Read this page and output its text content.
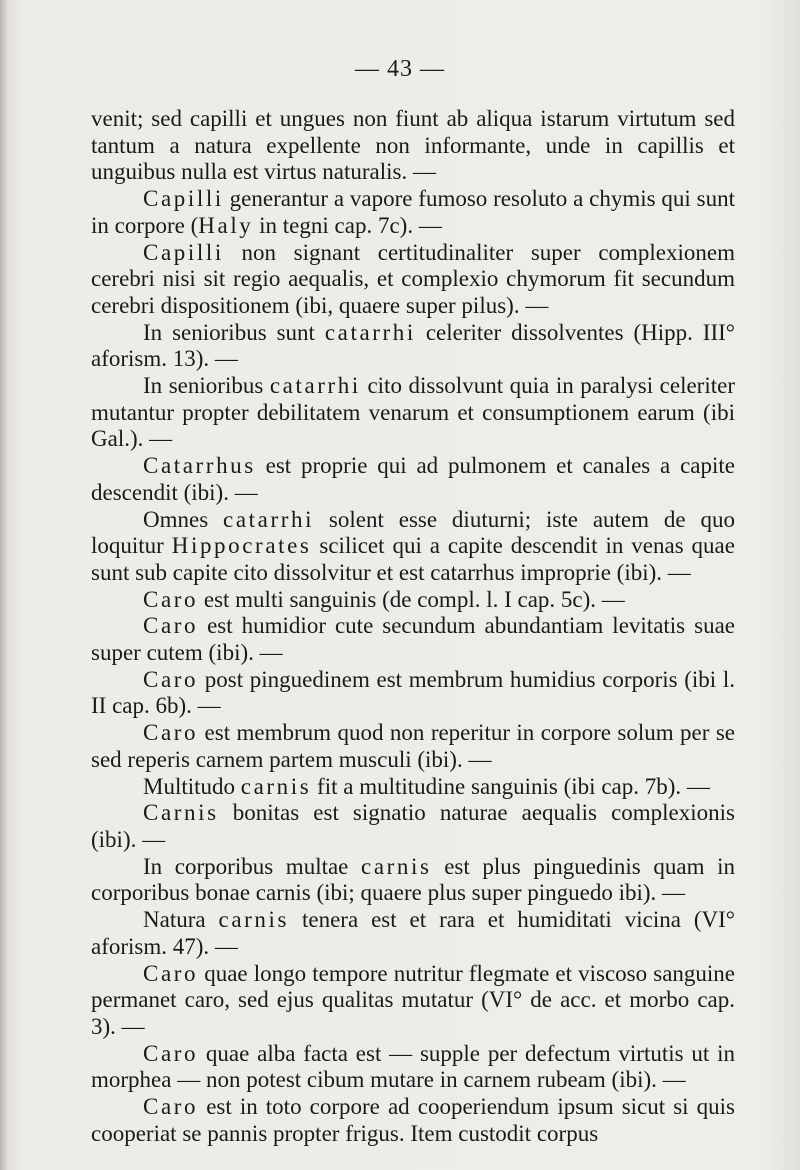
— 43 —

venit; sed capilli et ungues non fiunt ab aliqua istarum virtutum sed tantum a natura expellente non informante, unde in capillis et unguibus nulla est virtus naturalis. —

Capilli generantur a vapore fumoso resoluto a chymis qui sunt in corpore (Haly in tegni cap. 7c). —

Capilli non signant certitudinaliter super complexionem cerebri nisi sit regio aequalis, et complexio chymorum fit secundum cerebri dispositionem (ibi, quaere super pilus). —

In senioribus sunt catarrhi celeriter dissolventes (Hipp. III° aforism. 13). —

In senioribus catarrhi cito dissolvunt quia in paralysi celeriter mutantur propter debilitatem venarum et consumptionem earum (ibi Gal.). —

Catarrhus est proprie qui ad pulmonem et canales a capite descendit (ibi). —

Omnes catarrhi solent esse diuturni; iste autem de quo loquitur Hippocrates scilicet qui a capite descendit in venas quae sunt sub capite cito dissolvitur et est catarrhus improprie (ibi). —

Caro est multi sanguinis (de compl. l. I cap. 5c). —

Caro est humidior cute secundum abundantiam levitatis suae super cutem (ibi). —

Caro post pinguedinem est membrum humidius corporis (ibi l. II cap. 6b). —

Caro est membrum quod non reperitur in corpore solum per se sed reperis carnem partem musculi (ibi). —

Multitudo carnis fit a multitudine sanguinis (ibi cap. 7b). —

Carnis bonitas est signatio naturae aequalis complexionis (ibi). —

In corporibus multae carnis est plus pinguedinis quam in corporibus bonae carnis (ibi; quaere plus super pinguedo ibi). —

Natura carnis tenera est et rara et humiditati vicina (VI° aforism. 47). —

Caro quae longo tempore nutritur flegmate et viscoso sanguine permanet caro, sed ejus qualitas mutatur (VI° de acc. et morbo cap. 3). —

Caro quae alba facta est — supple per defectum virtutis ut in morphea — non potest cibum mutare in carnem rubeam (ibi). —

Caro est in toto corpore ad cooperiendum ipsum sicut si quis cooperiat se pannis propter frigus. Item custodit corpus
